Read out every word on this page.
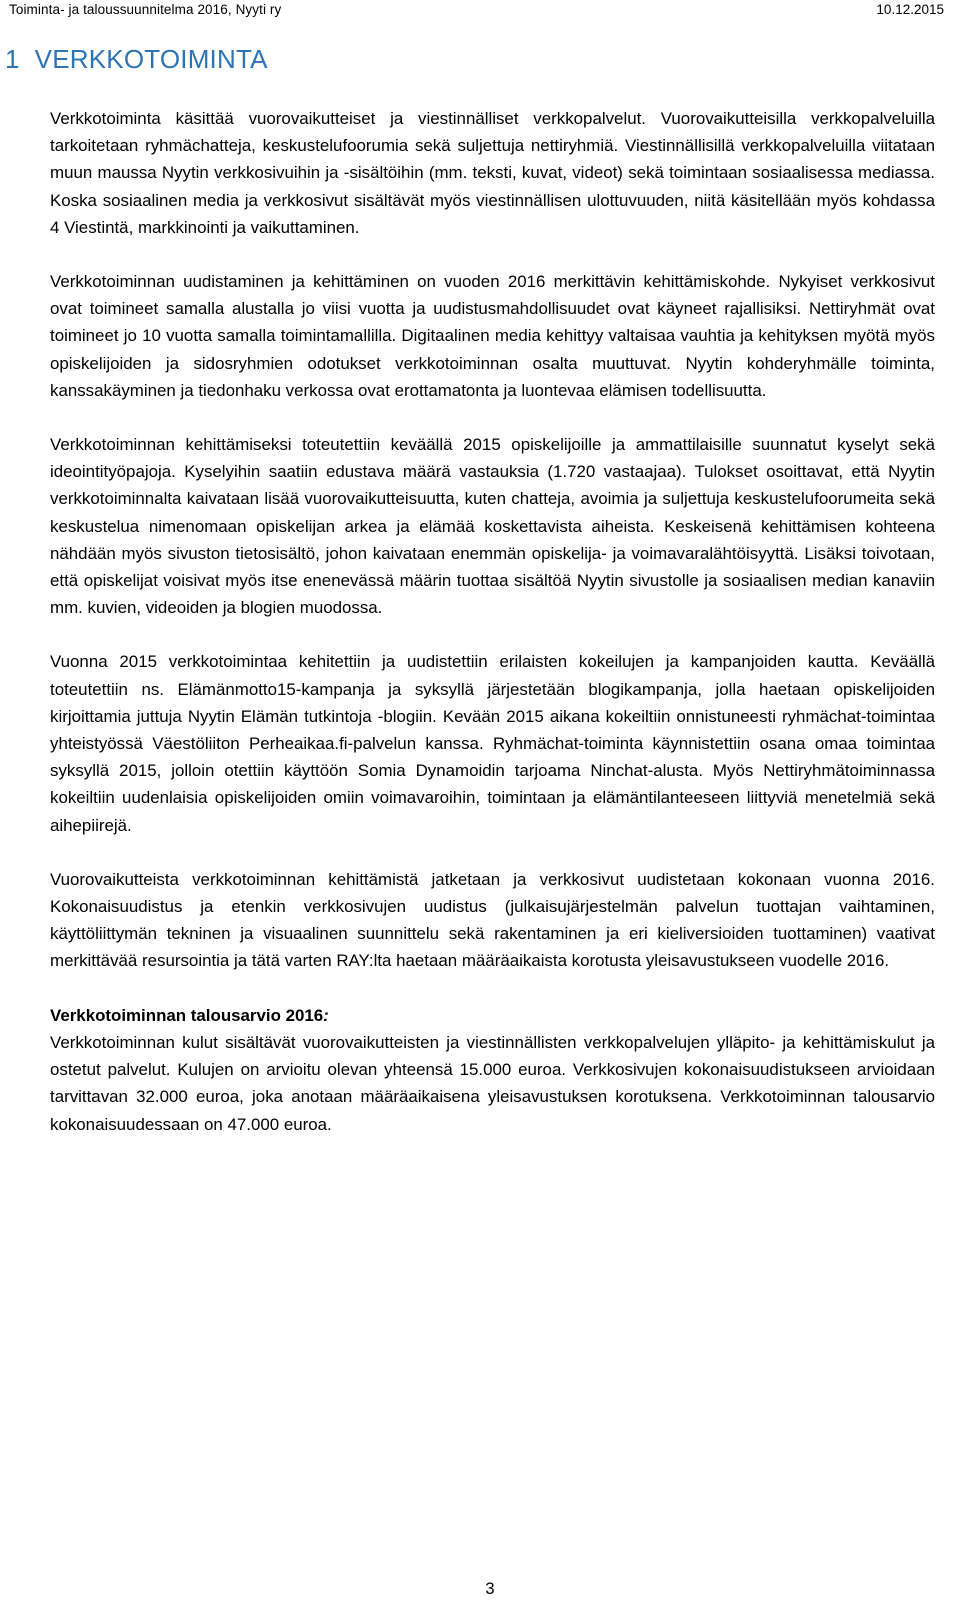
Toiminta- ja taloussuunnitelma 2016, Nyyti ry	10.12.2015
1 VERKKOTOIMINTA

Verkkotoiminta käsittää vuorovaikutteiset ja viestinnälliset verkkopalvelut. Vuorovaikutteisilla verkkopalveluilla tarkoitetaan ryhmächatteja, keskustelufoorumia sekä suljettuja nettiryhmiä. Viestinnällisillä verkkopalveluilla viitataan muun maussa Nyytin verkkosivuihin ja -sisältöihin (mm. teksti, kuvat, videot) sekä toimintaan sosiaalisessa mediassa. Koska sosiaalinen media ja verkkosivut sisältävät myös viestinnällisen ulottuvuuden, niitä käsitellään myös kohdassa 4 Viestintä, markkinointi ja vaikuttaminen.

Verkkotoiminnan uudistaminen ja kehittäminen on vuoden 2016 merkittävin kehittämiskohde. Nykyiset verkkosivut ovat toimineet samalla alustalla jo viisi vuotta ja uudistusmahdollisuudet ovat käyneet rajallisiksi. Nettiryhmät ovat toimineet jo 10 vuotta samalla toimintamallilla. Digitaalinen media kehittyy valtaisaa vauhtia ja kehityksen myötä myös opiskelijoiden ja sidosryhmien odotukset verkkotoiminnan osalta muuttuvat. Nyytin kohderyhmälle toiminta, kanssakäyminen ja tiedonhaku verkossa ovat erottamatonta ja luontevaa elämisen todellisuutta.

Verkkotoiminnan kehittämiseksi toteutettiin keväällä 2015 opiskelijoille ja ammattilaisille suunnatut kyselyt sekä ideointityöpajoja. Kyselyihin saatiin edustava määrä vastauksia (1.720 vastaajaa). Tulokset osoittavat, että Nyytin verkkotoiminnalta kaivataan lisää vuorovaikutteisuutta, kuten chatteja, avoimia ja suljettuja keskustelufoorumeita sekä keskustelua nimenomaan opiskelijan arkea ja elämää koskettavista aiheista. Keskeisenä kehittämisen kohteena nähdään myös sivuston tietosisältö, johon kaivataan enemmän opiskelija- ja voimavaralähtöisyyttä. Lisäksi toivotaan, että opiskelijat voisivat myös itse enenevässä määrin tuottaa sisältöä Nyytin sivustolle ja sosiaalisen median kanaviin mm. kuvien, videoiden ja blogien muodossa.

Vuonna 2015 verkkotoimintaa kehitettiin ja uudistettiin erilaisten kokeilujen ja kampanjoiden kautta. Keväällä toteutettiin ns. Elämänmotto15-kampanja ja syksyllä järjestetään blogikampanja, jolla haetaan opiskelijoiden kirjoittamia juttuja Nyytin Elämän tutkintoja -blogiin. Kevään 2015 aikana kokeiltiin onnistuneesti ryhmächat-toimintaa yhteistyössä Väestöliiton Perheaikaa.fi-palvelun kanssa. Ryhmächat-toiminta käynnistettiin osana omaa toimintaa syksyllä 2015, jolloin otettiin käyttöön Somia Dynamoidin tarjoama Ninchat-alusta. Myös Nettiryhmätoiminnassa kokeiltiin uudenlaisia opiskelijoiden omiin voimavaroihin, toimintaan ja elämäntilanteeseen liittyviä menetelmiä sekä aihepiirejä.

Vuorovaikutteista verkkotoiminnan kehittämistä jatketaan ja verkkosivut uudistetaan kokonaan vuonna 2016. Kokonaisuudistus ja etenkin verkkosivujen uudistus (julkaisujärjestelmän palvelun tuottajan vaihtaminen, käyttöliittymän tekninen ja visuaalinen suunnittelu sekä rakentaminen ja eri kieliversioiden tuottaminen) vaativat merkittävää resursointia ja tätä varten RAY:lta haetaan määräaikaista korotusta yleisavustukseen vuodelle 2016.

Verkkotoiminnan talousarvio 2016:

Verkkotoiminnan kulut sisältävät vuorovaikutteisten ja viestinnällisten verkkopalvelujen ylläpito- ja kehittämiskulut ja ostetut palvelut. Kulujen on arvioitu olevan yhteensä 15.000 euroa. Verkkosivujen kokonaisuudistukseen arvioidaan tarvittavan 32.000 euroa, joka anotaan määräaikaisena yleisavustuksen korotuksena. Verkkotoiminnan talousarvio kokonaisuudessaan on 47.000 euroa.

3
